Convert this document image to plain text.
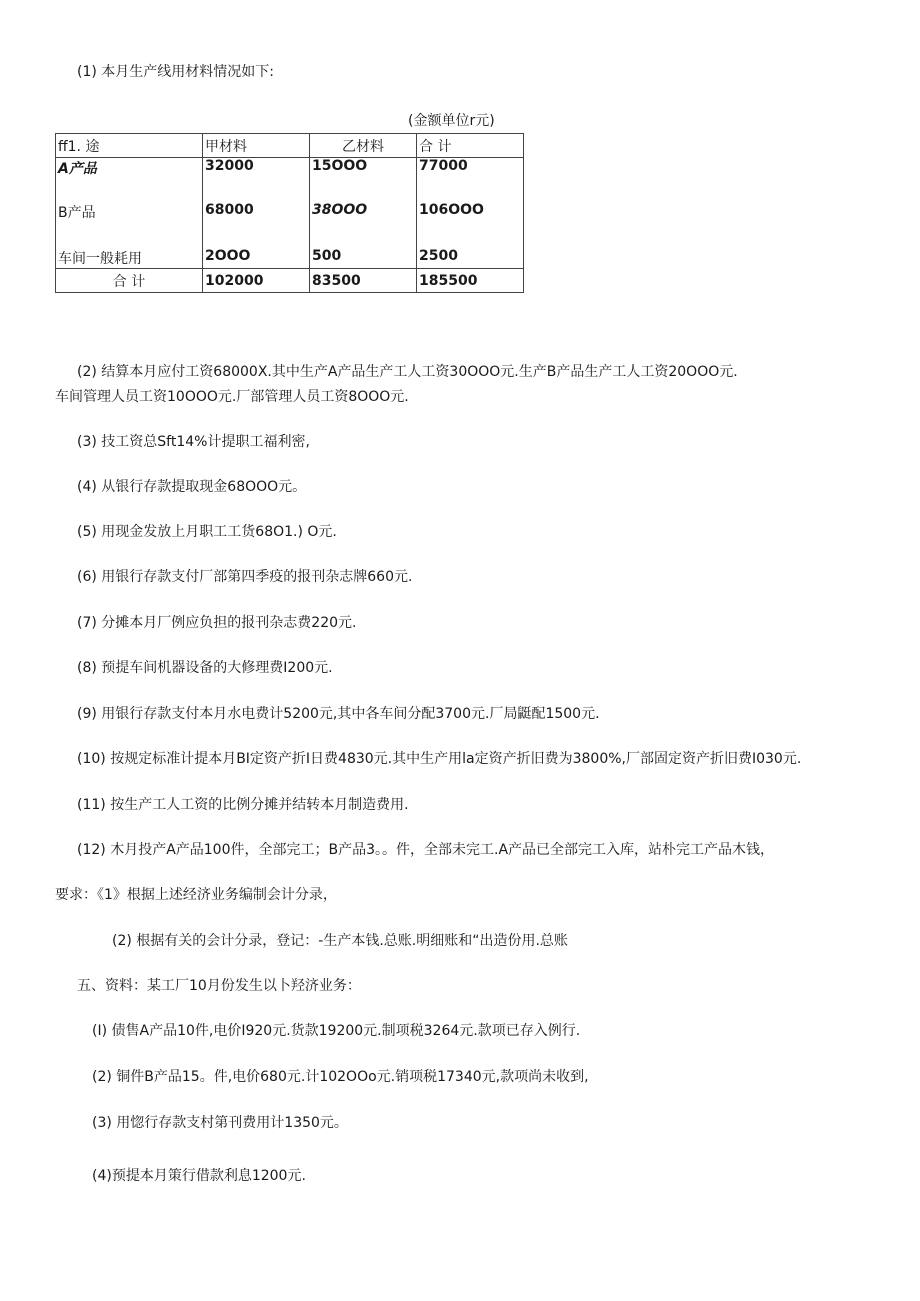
(1) 本月生产线用材料情况如下:
(金额单位r元)
ff1. 途	甲材料	乙材料	合 计
A产品	32000	15OOO	77000
B产品	68000	38OOO	106OOO
车间一般耗用	2OOO	500	2500
合 计	102000	83500	185500
(2) 结算本月应付工资68000X.其中生产A产品生产工人工资30OOO元.生产B产品生产工人工资20OOO元.
车间管理人员工资10OOO元.厂部管理人员工资8OOO元.
(3) 技工资总Sft14%计提职工福利密,
(4) 从银行存款提取现金68OOO元。
(5) 用现金发放上月职工工货68O1.) O元.
(6) 用银行存款支付厂部第四季疫的报刊杂志牌660元.
(7) 分摊本月厂例应负担的报刊杂志费220元.
(8) 预提车间机器设备的大修理费I200元.
(9) 用银行存款支付本月水电费计5200元,其中各车间分配3700元.厂局鼮配1500元.
(10) 按规定标准计提本月BI定资产折I日费4830元.其中生产用la定资产折旧费为3800%,厂部固定资产折旧费I030元.
(11) 按生产工人工资的比例分摊并结转本月制造费用.
(12) 木月投产A产品100件，全部完工；B产品3。。件，全部未完工.A产品已全部完工入库，站朴完工产品木钱，
要求：《1》根据上述经济业务编制会计分录，
(2) 根据有关的会计分录，登记：-生产本钱.总账.明细账和“出造份用.总账
五、资料：某工厂10月份发生以卜羟济业务：
(I) 债售A产品10件,电价I920元.货款19200元.制项税3264元.款项已存入例行.
(2) 铜件B产品15。件,电价680元.计102OOo元.销项税17340元,款项尚未收到,
(3) 用惚行存款支村第刊费用计1350元。
(4)预提本月策行借款利息1200元.
